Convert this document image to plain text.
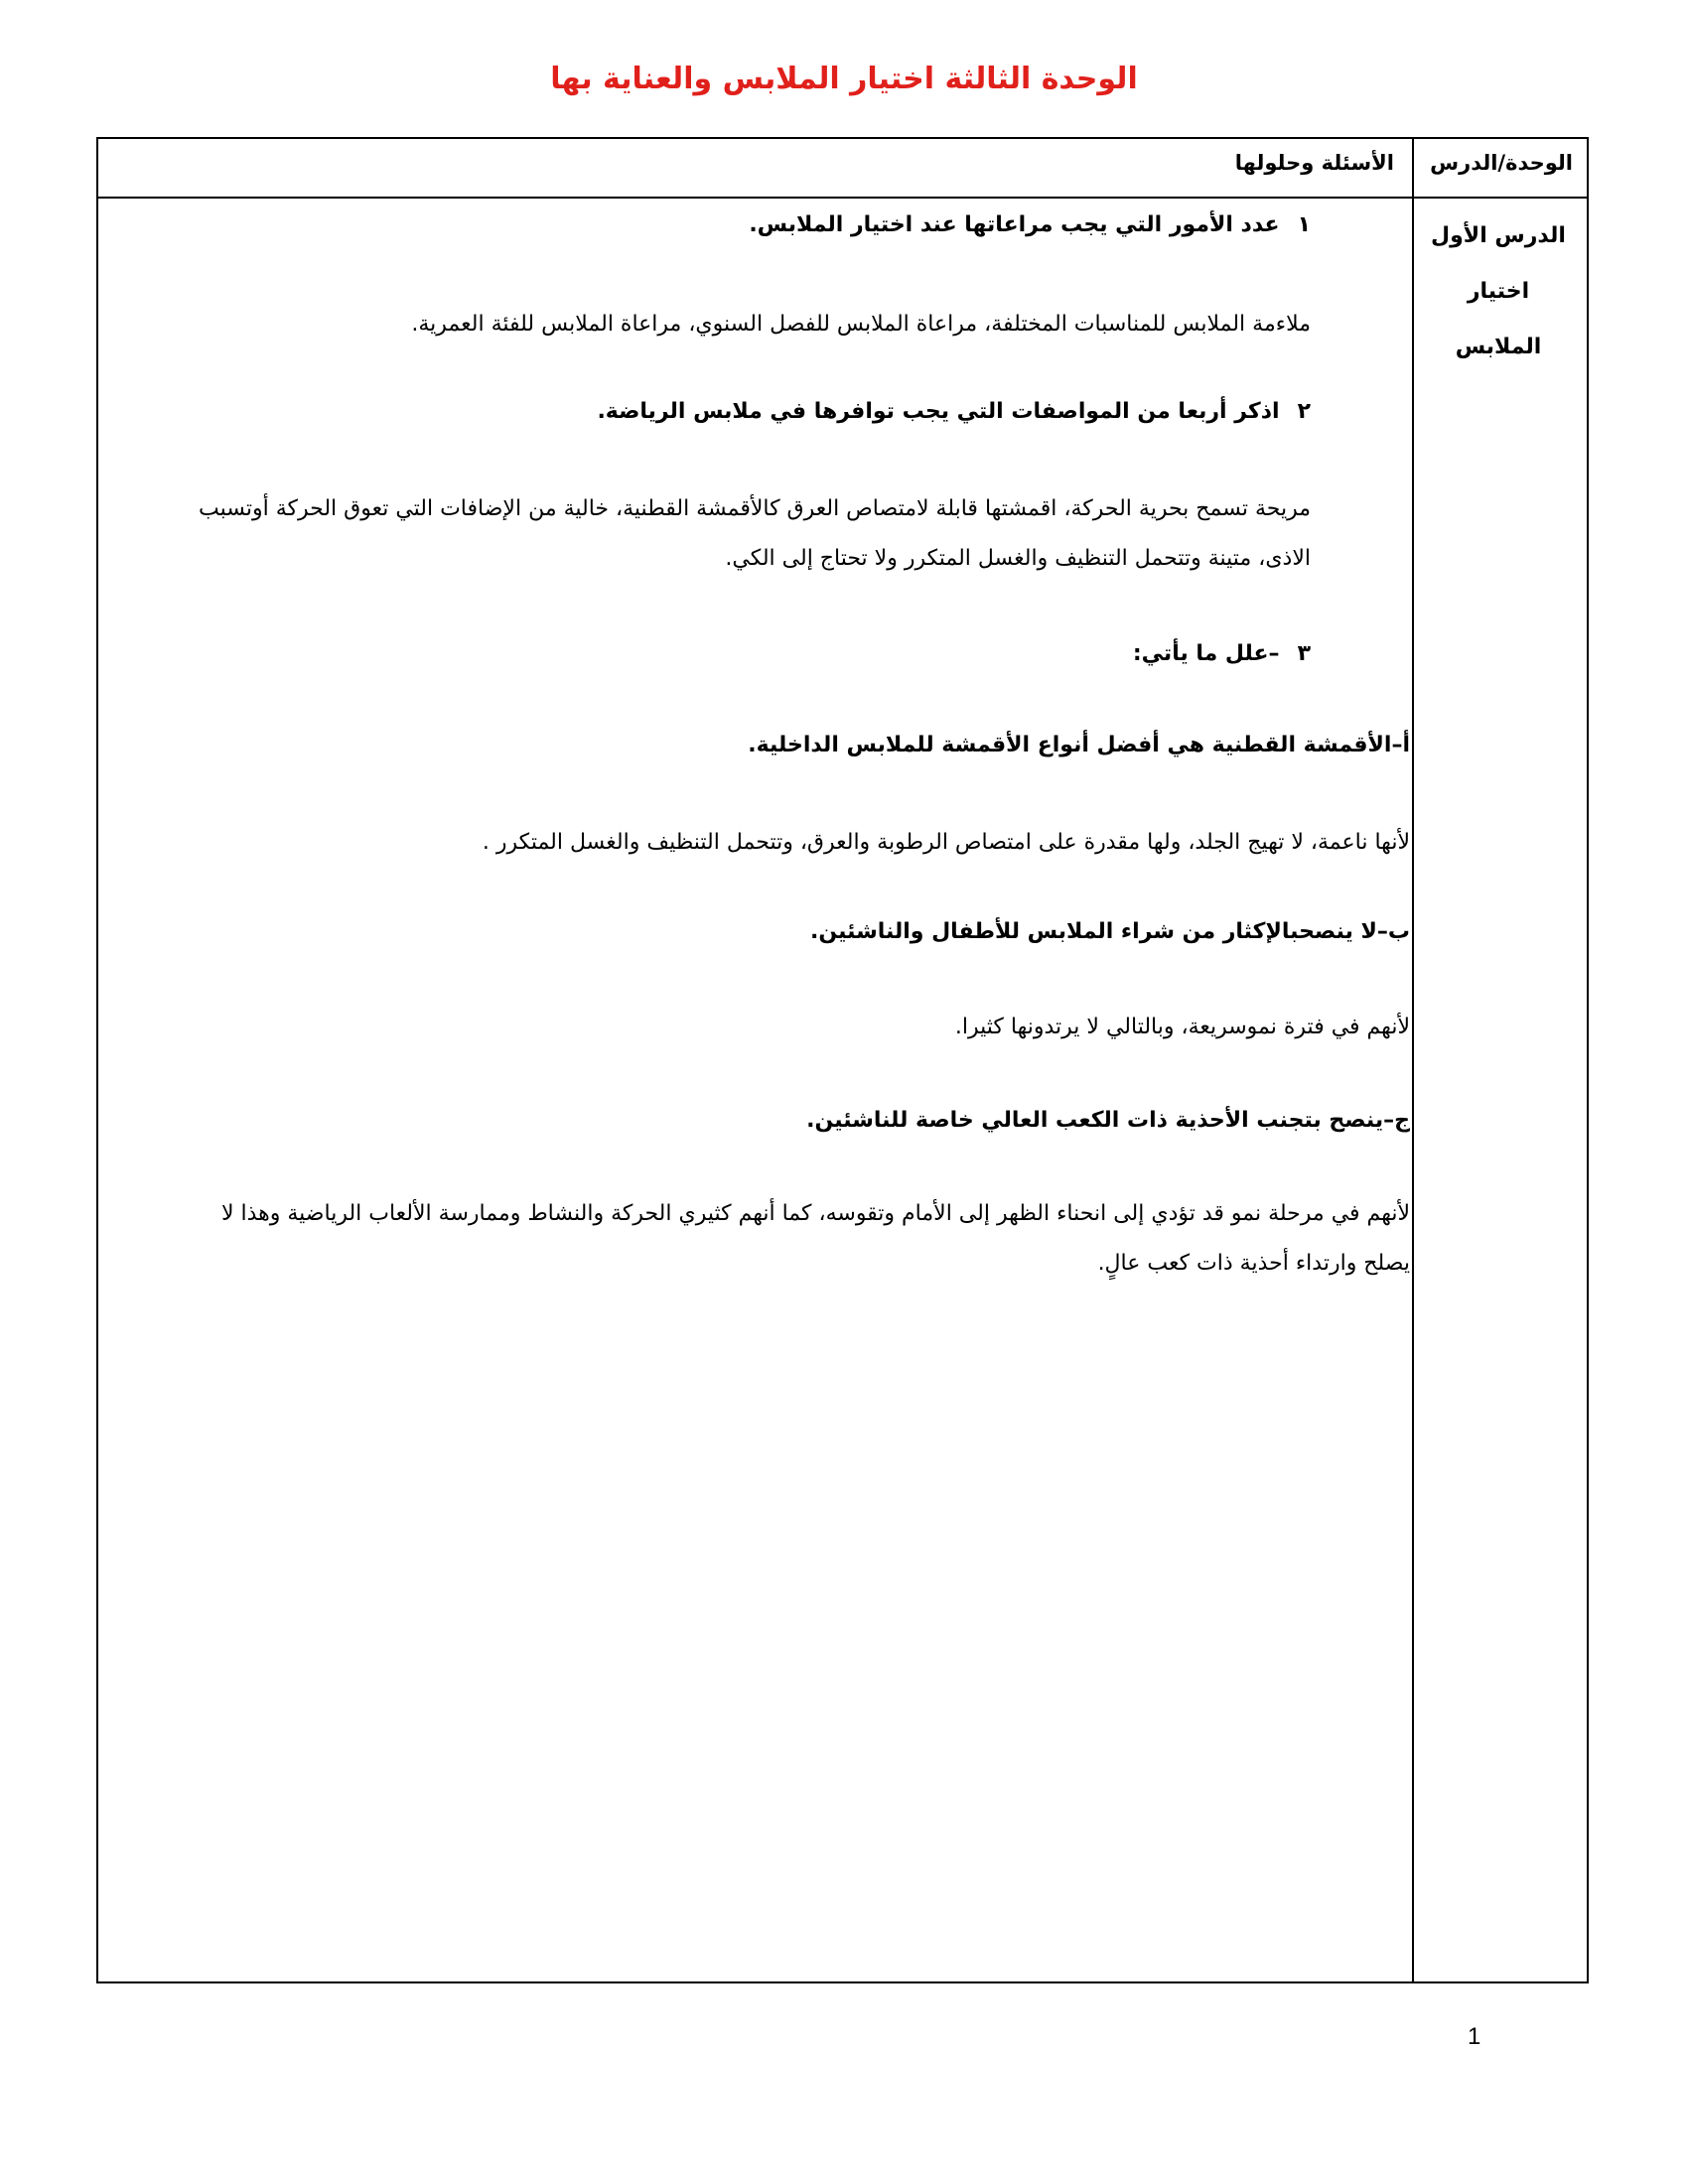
الوحدة الثالثة اختيار الملابس والعناية بها
الوحدة/الدرس
الأسئلة وحلولها
الدرس الأول
اختيار
الملابس
١عدد الأمور التي يجب مراعاتها عند اختيار الملابس.
ملاءمة الملابس للمناسبات المختلفة، مراعاة الملابس للفصل السنوي، مراعاة الملابس للفئة العمرية.
٢اذكر أربعا من المواصفات التي يجب توافرها في ملابس الرياضة.
مريحة تسمح بحرية الحركة، اقمشتها قابلة لامتصاص العرق كالأقمشة القطنية، خالية من الإضافات التي تعوق الحركة أوتسبب الاذى، متينة وتتحمل التنظيف والغسل المتكرر ولا تحتاج إلى الكي.
٣–علل ما يأتي:
أ–الأقمشة القطنية هي أفضل أنواع الأقمشة للملابس الداخلية.
لأنها ناعمة، لا تهيج الجلد، ولها مقدرة على امتصاص الرطوبة والعرق، وتتحمل التنظيف والغسل المتكرر .
ب–لا ينصحبالإكثار من شراء الملابس للأطفال والناشئين.
لأنهم في فترة نموسريعة، وبالتالي لا يرتدونها كثيرا.
ج–ينصح بتجنب الأحذية ذات الكعب العالي خاصة للناشئين.
لأنهم في مرحلة نمو قد تؤدي إلى انحناء الظهر إلى الأمام وتقوسه، كما أنهم كثيري الحركة والنشاط وممارسة الألعاب الرياضية وهذا لا يصلح وارتداء أحذية ذات كعب عالٍ.
1
